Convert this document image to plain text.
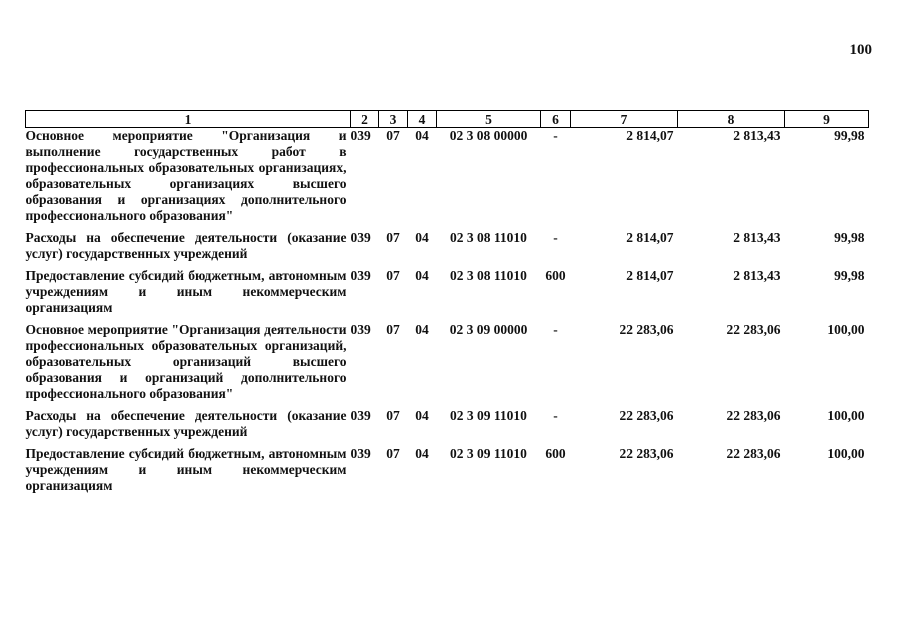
100
1	2	3	4	5	6	7	8	9
Основное мероприятие "Организация и выполнение государственных работ в профессиональных образовательных организациях, образовательных организациях высшего образования и организациях дополнительного профессионального образования"	039	07	04	02 3 08 00000	-	2 814,07	2 813,43	99,98
Расходы на обеспечение деятельности (оказание услуг) государственных учреждений	039	07	04	02 3 08 11010	-	2 814,07	2 813,43	99,98
Предоставление субсидий бюджетным, автономным учреждениям и иным некоммерческим организациям	039	07	04	02 3 08 11010	600	2 814,07	2 813,43	99,98
Основное мероприятие "Организация деятельности профессиональных образовательных организаций, образовательных организаций высшего образования и организаций дополнительного профессионального образования"	039	07	04	02 3 09 00000	-	22 283,06	22 283,06	100,00
Расходы на обеспечение деятельности (оказание услуг) государственных учреждений	039	07	04	02 3 09 11010	-	22 283,06	22 283,06	100,00
Предоставление субсидий бюджетным, автономным учреждениям и иным некоммерческим организациям	039	07	04	02 3 09 11010	600	22 283,06	22 283,06	100,00
